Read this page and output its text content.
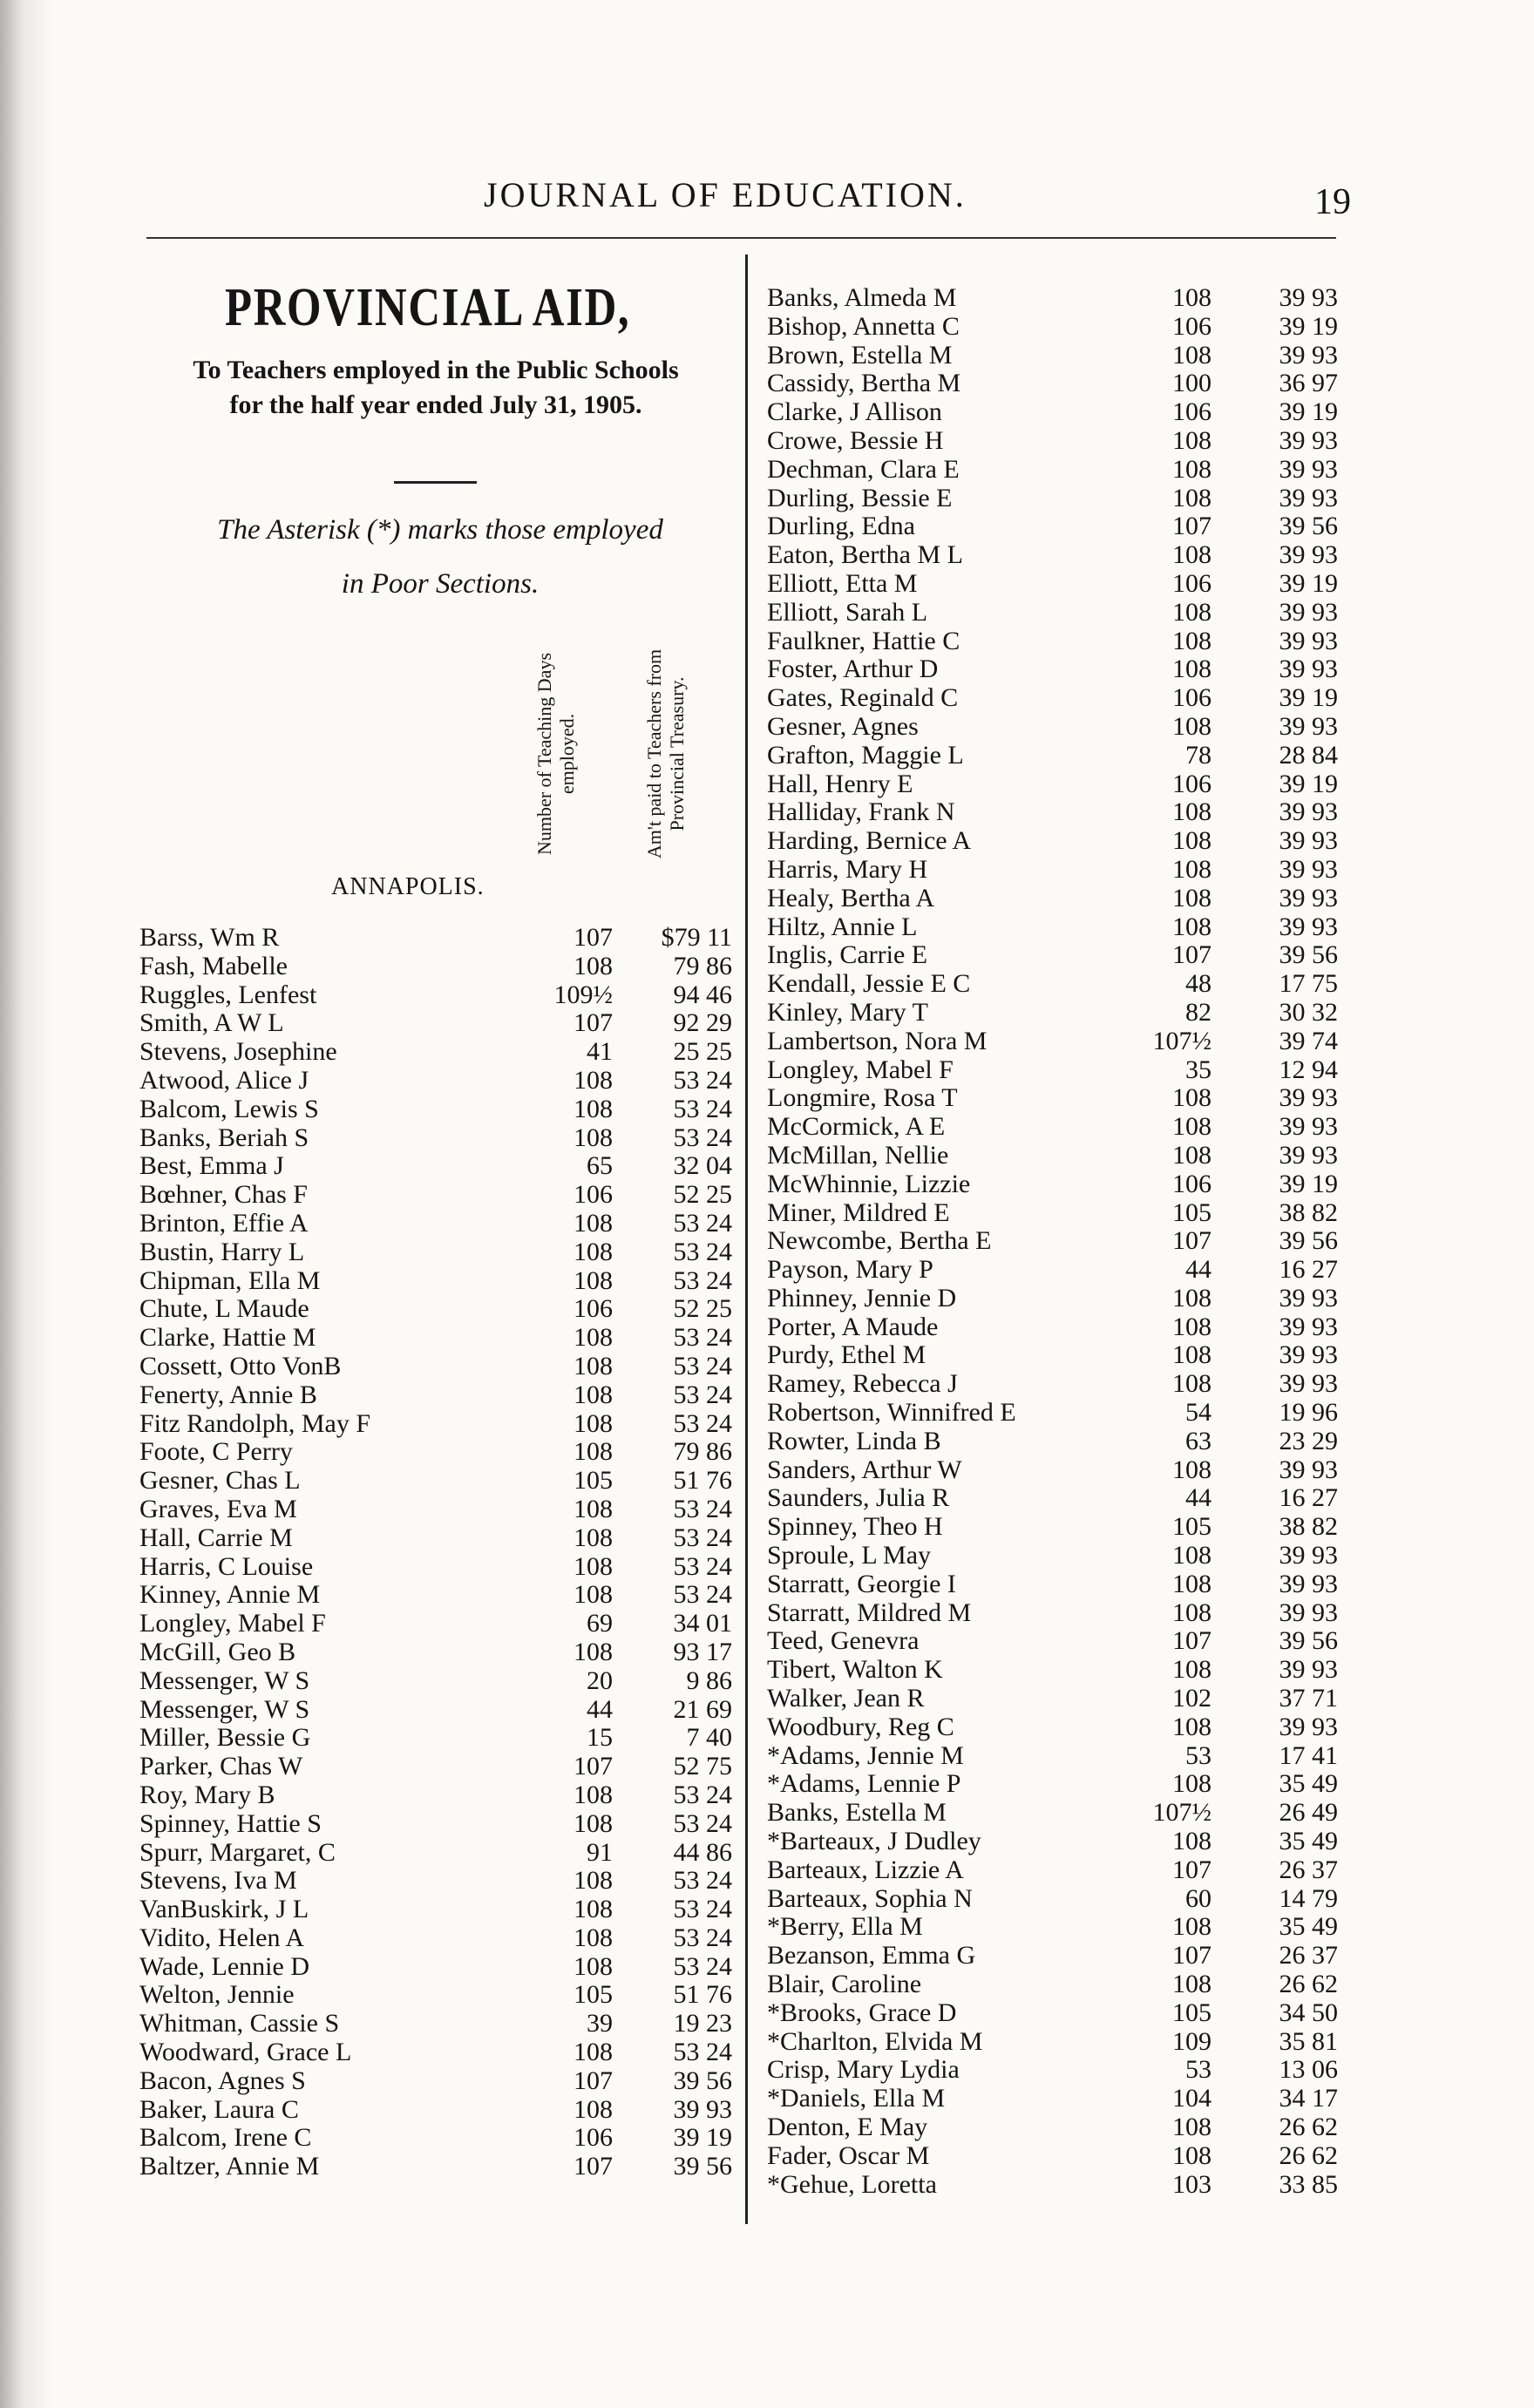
JOURNAL OF EDUCATION.	19
PROVINCIAL AID,
To Teachers employed in the Public Schools
for the half year ended July 31, 1905.
The Asterisk (*) marks those employed
in Poor Sections.
Number of Teaching Days employed.	Am't paid to Teachers from Provincial Treasury.
ANNAPOLIS.
Barss, Wm R	107	$79 11
Fash, Mabelle	108	79 86
Ruggles, Lenfest	109½	94 46
Smith, A W L	107	92 29
Stevens, Josephine	41	25 25
Atwood, Alice J	108	53 24
Balcom, Lewis S	108	53 24
Banks, Beriah S	108	53 24
Best, Emma J	65	32 04
Bœhner, Chas F	106	52 25
Brinton, Effie A	108	53 24
Bustin, Harry L	108	53 24
Chipman, Ella M	108	53 24
Chute, L Maude	106	52 25
Clarke, Hattie M	108	53 24
Cossett, Otto VonB	108	53 24
Fenerty, Annie B	108	53 24
Fitz Randolph, May F	108	53 24
Foote, C Perry	108	79 86
Gesner, Chas L	105	51 76
Graves, Eva M	108	53 24
Hall, Carrie M	108	53 24
Harris, C Louise	108	53 24
Kinney, Annie M	108	53 24
Longley, Mabel F	69	34 01
McGill, Geo B	108	93 17
Messenger, W S	20	9 86
Messenger, W S	44	21 69
Miller, Bessie G	15	7 40
Parker, Chas W	107	52 75
Roy, Mary B	108	53 24
Spinney, Hattie S	108	53 24
Spurr, Margaret, C	91	44 86
Stevens, Iva M	108	53 24
VanBuskirk, J L	108	53 24
Vidito, Helen A	108	53 24
Wade, Lennie D	108	53 24
Welton, Jennie	105	51 76
Whitman, Cassie S	39	19 23
Woodward, Grace L	108	53 24
Bacon, Agnes S	107	39 56
Baker, Laura C	108	39 93
Balcom, Irene C	106	39 19
Baltzer, Annie M	107	39 56
Banks, Almeda M	108	39 93
Bishop, Annetta C	106	39 19
Brown, Estella M	108	39 93
Cassidy, Bertha M	100	36 97
Clarke, J Allison	106	39 19
Crowe, Bessie H	108	39 93
Dechman, Clara E	108	39 93
Durling, Bessie E	108	39 93
Durling, Edna	107	39 56
Eaton, Bertha M L	108	39 93
Elliott, Etta M	106	39 19
Elliott, Sarah L	108	39 93
Faulkner, Hattie C	108	39 93
Foster, Arthur D	108	39 93
Gates, Reginald C	106	39 19
Gesner, Agnes	108	39 93
Grafton, Maggie L	78	28 84
Hall, Henry E	106	39 19
Halliday, Frank N	108	39 93
Harding, Bernice A	108	39 93
Harris, Mary H	108	39 93
Healy, Bertha A	108	39 93
Hiltz, Annie L	108	39 93
Inglis, Carrie E	107	39 56
Kendall, Jessie E C	48	17 75
Kinley, Mary T	82	30 32
Lambertson, Nora M	107½	39 74
Longley, Mabel F	35	12 94
Longmire, Rosa T	108	39 93
McCormick, A E	108	39 93
McMillan, Nellie	108	39 93
McWhinnie, Lizzie	106	39 19
Miner, Mildred E	105	38 82
Newcombe, Bertha E	107	39 56
Payson, Mary P	44	16 27
Phinney, Jennie D	108	39 93
Porter, A Maude	108	39 93
Purdy, Ethel M	108	39 93
Ramey, Rebecca J	108	39 93
Robertson, Winnifred E	54	19 96
Rowter, Linda B	63	23 29
Sanders, Arthur W	108	39 93
Saunders, Julia R	44	16 27
Spinney, Theo H	105	38 82
Sproule, L May	108	39 93
Starratt, Georgie I	108	39 93
Starratt, Mildred M	108	39 93
Teed, Genevra	107	39 56
Tibert, Walton K	108	39 93
Walker, Jean R	102	37 71
Woodbury, Reg C	108	39 93
*Adams, Jennie M	53	17 41
*Adams, Lennie P	108	35 49
Banks, Estella M	107½	26 49
*Barteaux, J Dudley	108	35 49
Barteaux, Lizzie A	107	26 37
Barteaux, Sophia N	60	14 79
*Berry, Ella M	108	35 49
Bezanson, Emma G	107	26 37
Blair, Caroline	108	26 62
*Brooks, Grace D	105	34 50
*Charlton, Elvida M	109	35 81
Crisp, Mary Lydia	53	13 06
*Daniels, Ella M	104	34 17
Denton, E May	108	26 62
Fader, Oscar M	108	26 62
*Gehue, Loretta	103	33 85
